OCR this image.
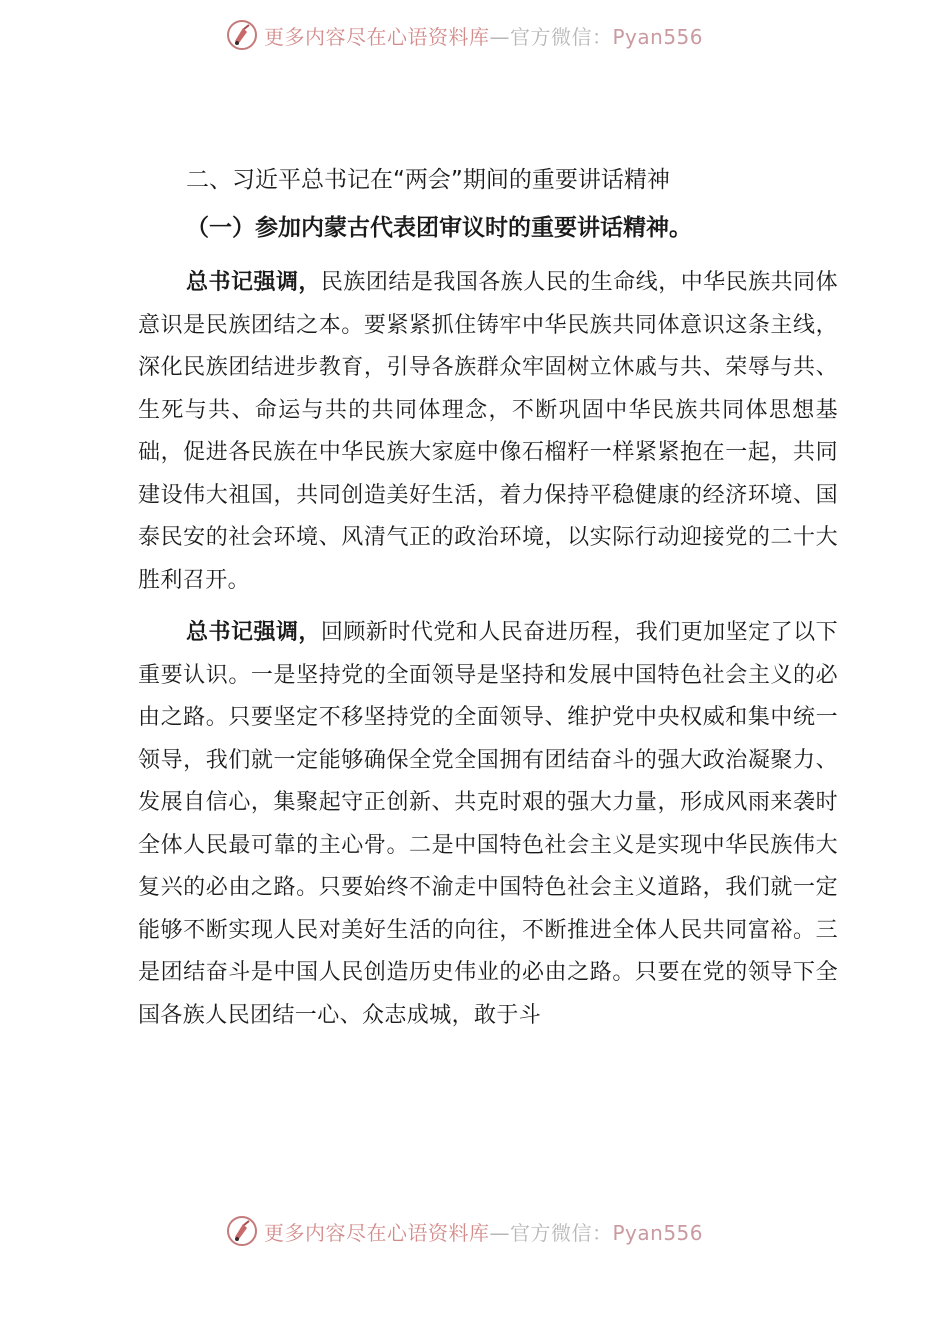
更多内容尽在心语资料库—官方微信：Pyan556
二、习近平总书记在“两会”期间的重要讲话精神
（一）参加内蒙古代表团审议时的重要讲话精神。

总书记强调，民族团结是我国各族人民的生命线，中华民族共同体意识是民族团结之本。要紧紧抓住铸牢中华民族共同体意识这条主线，深化民族团结进步教育，引导各族群众牢固树立休戚与共、荣辱与共、生死与共、命运与共的共同体理念，不断巩固中华民族共同体思想基础，促进各民族在中华民族大家庭中像石榴籽一样紧紧抱在一起，共同建设伟大祖国，共同创造美好生活，着力保持平稳健康的经济环境、国泰民安的社会环境、风清气正的政治环境，以实际行动迎接党的二十大胜利召开。

总书记强调，回顾新时代党和人民奋进历程，我们更加坚定了以下重要认识。一是坚持党的全面领导是坚持和发展中国特色社会主义的必由之路。只要坚定不移坚持党的全面领导、维护党中央权威和集中统一领导，我们就一定能够确保全党全国拥有团结奋斗的强大政治凝聚力、发展自信心，集聚起守正创新、共克时艰的强大力量，形成风雨来袭时全体人民最可靠的主心骨。二是中国特色社会主义是实现中华民族伟大复兴的必由之路。只要始终不渝走中国特色社会主义道路，我们就一定能够不断实现人民对美好生活的向往，不断推进全体人民共同富裕。三是团结奋斗是中国人民创造历史伟业的必由之路。只要在党的领导下全国各族人民团结一心、众志成城，敢于斗

更多内容尽在心语资料库—官方微信：Pyan556
